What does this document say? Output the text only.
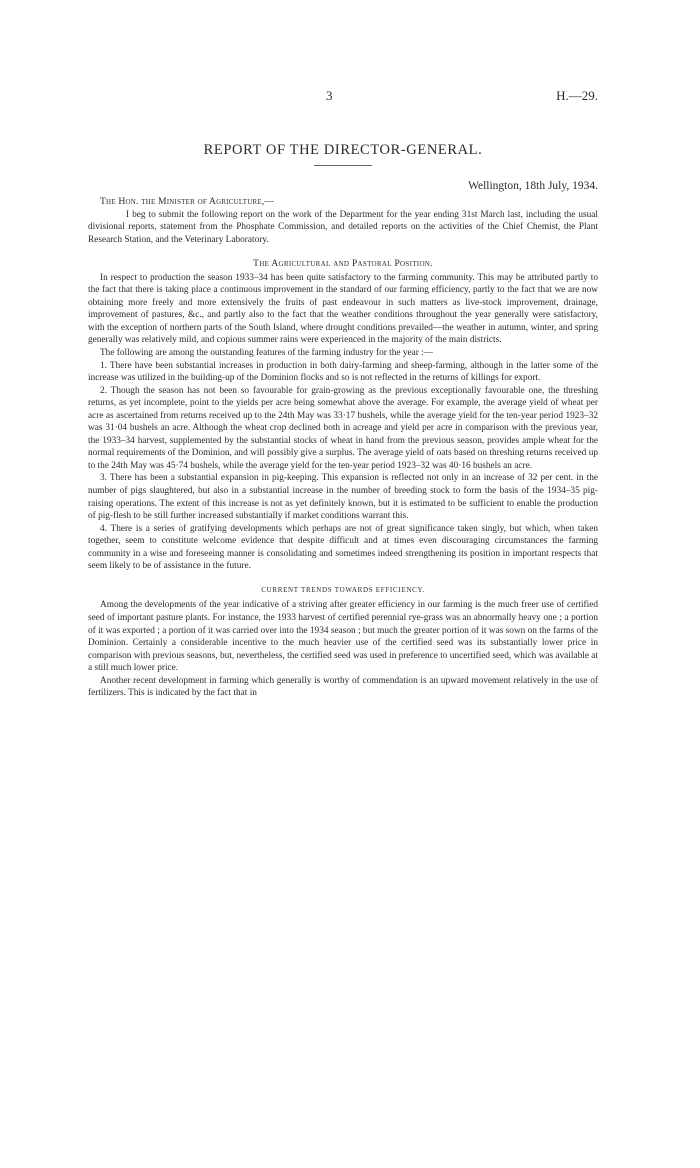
3	H.—29.
REPORT OF THE DIRECTOR-GENERAL.
Wellington, 18th July, 1934.

The Hon. the Minister of Agriculture,—

I beg to submit the following report on the work of the Department for the year ending 31st March last, including the usual divisional reports, statement from the Phosphate Commission, and detailed reports on the activities of the Chief Chemist, the Plant Research Station, and the Veterinary Laboratory.

The Agricultural and Pastoral Position.

In respect to production the season 1933–34 has been quite satisfactory to the farming community. This may be attributed partly to the fact that there is taking place a continuous improvement in the standard of our farming efficiency, partly to the fact that we are now obtaining more freely and more extensively the fruits of past endeavour in such matters as live-stock improvement, drainage, improvement of pastures, &c., and partly also to the fact that the weather conditions throughout the year generally were satisfactory, with the exception of northern parts of the South Island, where drought conditions prevailed—the weather in autumn, winter, and spring generally was relatively mild, and copious summer rains were experienced in the majority of the main districts.

The following are among the outstanding features of the farming industry for the year :—

1. There have been substantial increases in production in both dairy-farming and sheep-farming, although in the latter some of the increase was utilized in the building-up of the Dominion flocks and so is not reflected in the returns of killings for export.

2. Though the season has not been so favourable for grain-growing as the previous exceptionally favourable one, the threshing returns, as yet incomplete, point to the yields per acre being somewhat above the average. For example, the average yield of wheat per acre as ascertained from returns received up to the 24th May was 33·17 bushels, while the average yield for the ten-year period 1923–32 was 31·04 bushels an acre. Although the wheat crop declined both in acreage and yield per acre in comparison with the previous year, the 1933–34 harvest, supplemented by the substantial stocks of wheat in hand from the previous season, provides ample wheat for the normal requirements of the Dominion, and will possibly give a surplus. The average yield of oats based on threshing returns received up to the 24th May was 45·74 bushels, while the average yield for the ten-year period 1923–32 was 40·16 bushels an acre.

3. There has been a substantial expansion in pig-keeping. This expansion is reflected not only in an increase of 32 per cent. in the number of pigs slaughtered, but also in a substantial increase in the number of breeding stock to form the basis of the 1934–35 pig-raising operations. The extent of this increase is not as yet definitely known, but it is estimated to be sufficient to enable the production of pig-flesh to be still further increased substantially if market conditions warrant this.

4. There is a series of gratifying developments which perhaps are not of great significance taken singly, but which, when taken together, seem to constitute welcome evidence that despite difficult and at times even discouraging circumstances the farming community in a wise and foreseeing manner is consolidating and sometimes indeed strengthening its position in important respects that seem likely to be of assistance in the future.

CURRENT TRENDS TOWARDS EFFICIENCY.

Among the developments of the year indicative of a striving after greater efficiency in our farming is the much freer use of certified seed of important pasture plants. For instance, the 1933 harvest of certified perennial rye-grass was an abnormally heavy one ; a portion of it was exported ; a portion of it was carried over into the 1934 season ; but much the greater portion of it was sown on the farms of the Dominion. Certainly a considerable incentive to the much heavier use of the certified seed was its substantially lower price in comparison with previous seasons, but, nevertheless, the certified seed was used in preference to uncertified seed, which was available at a still much lower price.

Another recent development in farming which generally is worthy of commendation is an upward movement relatively in the use of fertilizers. This is indicated by the fact that in
